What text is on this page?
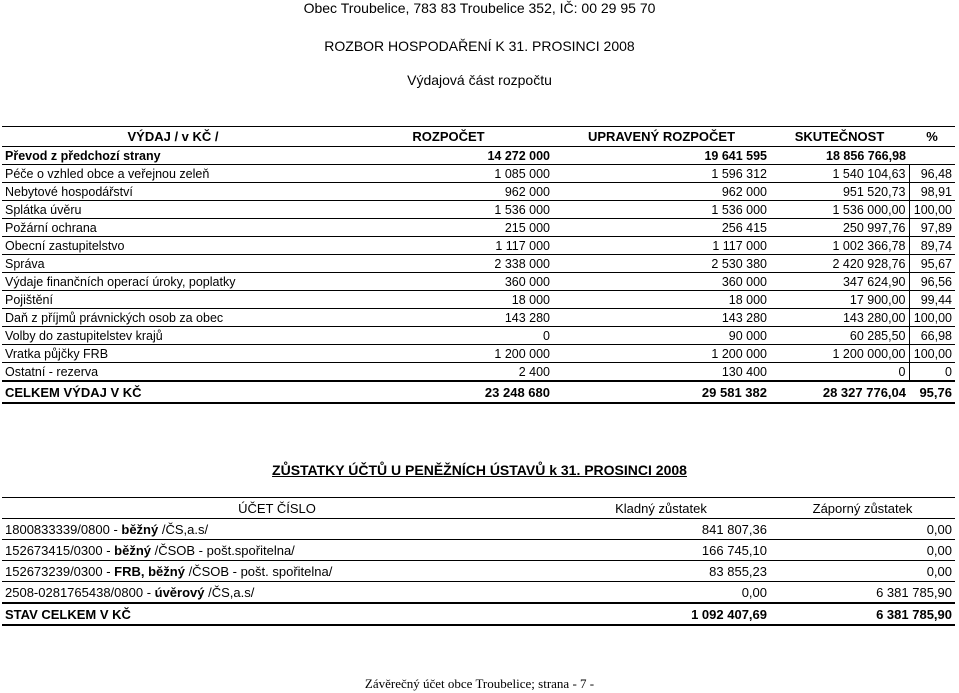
Obec Troubelice, 783 83 Troubelice 352, IČ: 00 29 95 70
ROZBOR HOSPODAŘENÍ K 31. PROSINCI 2008
Výdajová část rozpočtu
VÝDAJ / v KČ /	ROZPOČET	UPRAVENÝ ROZPOČET	SKUTEČNOST	%
Převod z předchozí strany	14 272 000	19 641 595	18 856 766,98	
Péče o vzhled obce a veřejnou zeleň	1 085 000	1 596 312	1 540 104,63	96,48
Nebytové hospodářství	962 000	962 000	951 520,73	98,91
Splátka úvěru	1 536 000	1 536 000	1 536 000,00	100,00
Požární ochrana	215 000	256 415	250 997,76	97,89
Obecní zastupitelstvo	1 117 000	1 117 000	1 002 366,78	89,74
Správa	2 338 000	2 530 380	2 420 928,76	95,67
Výdaje finančních operací úroky, poplatky	360 000	360 000	347 624,90	96,56
Pojištění	18 000	18 000	17 900,00	99,44
Daň z příjmů právnických osob za obec	143 280	143 280	143 280,00	100,00
Volby do zastupitelstev krajů	0	90 000	60 285,50	66,98
Vratka půjčky FRB	1 200 000	1 200 000	1 200 000,00	100,00
Ostatní - rezerva	2 400	130 400	0	0
CELKEM VÝDAJ V KČ	23 248 680	29 581 382	28 327 776,04	95,76
ZŮSTATKY ÚČTŮ U PENĚŽNÍCH ÚSTAVŮ k 31. PROSINCI 2008
ÚČET ČÍSLO	Kladný zůstatek	Záporný zůstatek
1800833339/0800 - běžný /ČS,a.s/	841 807,36	0,00
152673415/0300 - běžný /ČSOB - pošt.spořitelna/	166 745,10	0,00
152673239/0300 - FRB, běžný /ČSOB - pošt. spořitelna/	83 855,23	0,00
2508-0281765438/0800 - úvěrový /ČS,a.s/	0,00	6 381 785,90
STAV CELKEM V KČ	1 092 407,69	6 381 785,90
Závěrečný účet obce Troubelice; strana - 7 -
